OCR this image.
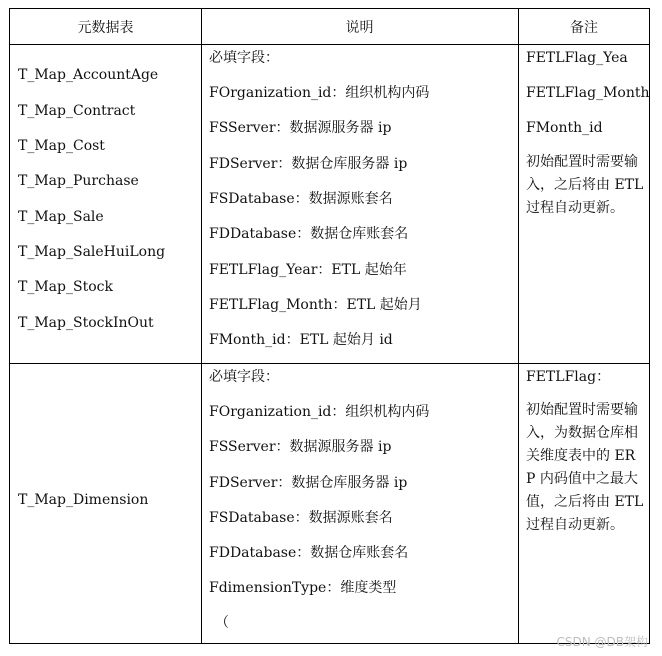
元数据表	说明	备注
T_Map_AccountAge
T_Map_Contract
T_Map_Cost
T_Map_Purchase
T_Map_Sale
T_Map_SaleHuiLong
T_Map_Stock
T_Map_StockInOut
必填字段：
FOrganization_id：组织机构内码
FSServer：数据源服务器 ip
FDServer：数据仓库服务器 ip
FSDatabase：数据源账套名
FDDatabase：数据仓库账套名
FETLFlag_Year：ETL 起始年
FETLFlag_Month：ETL 起始月
FMonth_id：ETL 起始月 id
FETLFlag_Yea
FETLFlag_Month
FMonth_id
初始配置时需要输入，之后将由 ETL 过程自动更新。
T_Map_Dimension
必填字段：
FOrganization_id：组织机构内码
FSServer：数据源服务器 ip
FDServer：数据仓库服务器 ip
FSDatabase：数据源账套名
FDDatabase：数据仓库账套名
FdimensionType：维度类型
（
FETLFlag：
初始配置时需要输入，为数据仓库相关维度表中的 ERP 内码值中之最大值，之后将由 ETL 过程自动更新。
CSDN @DB架构
